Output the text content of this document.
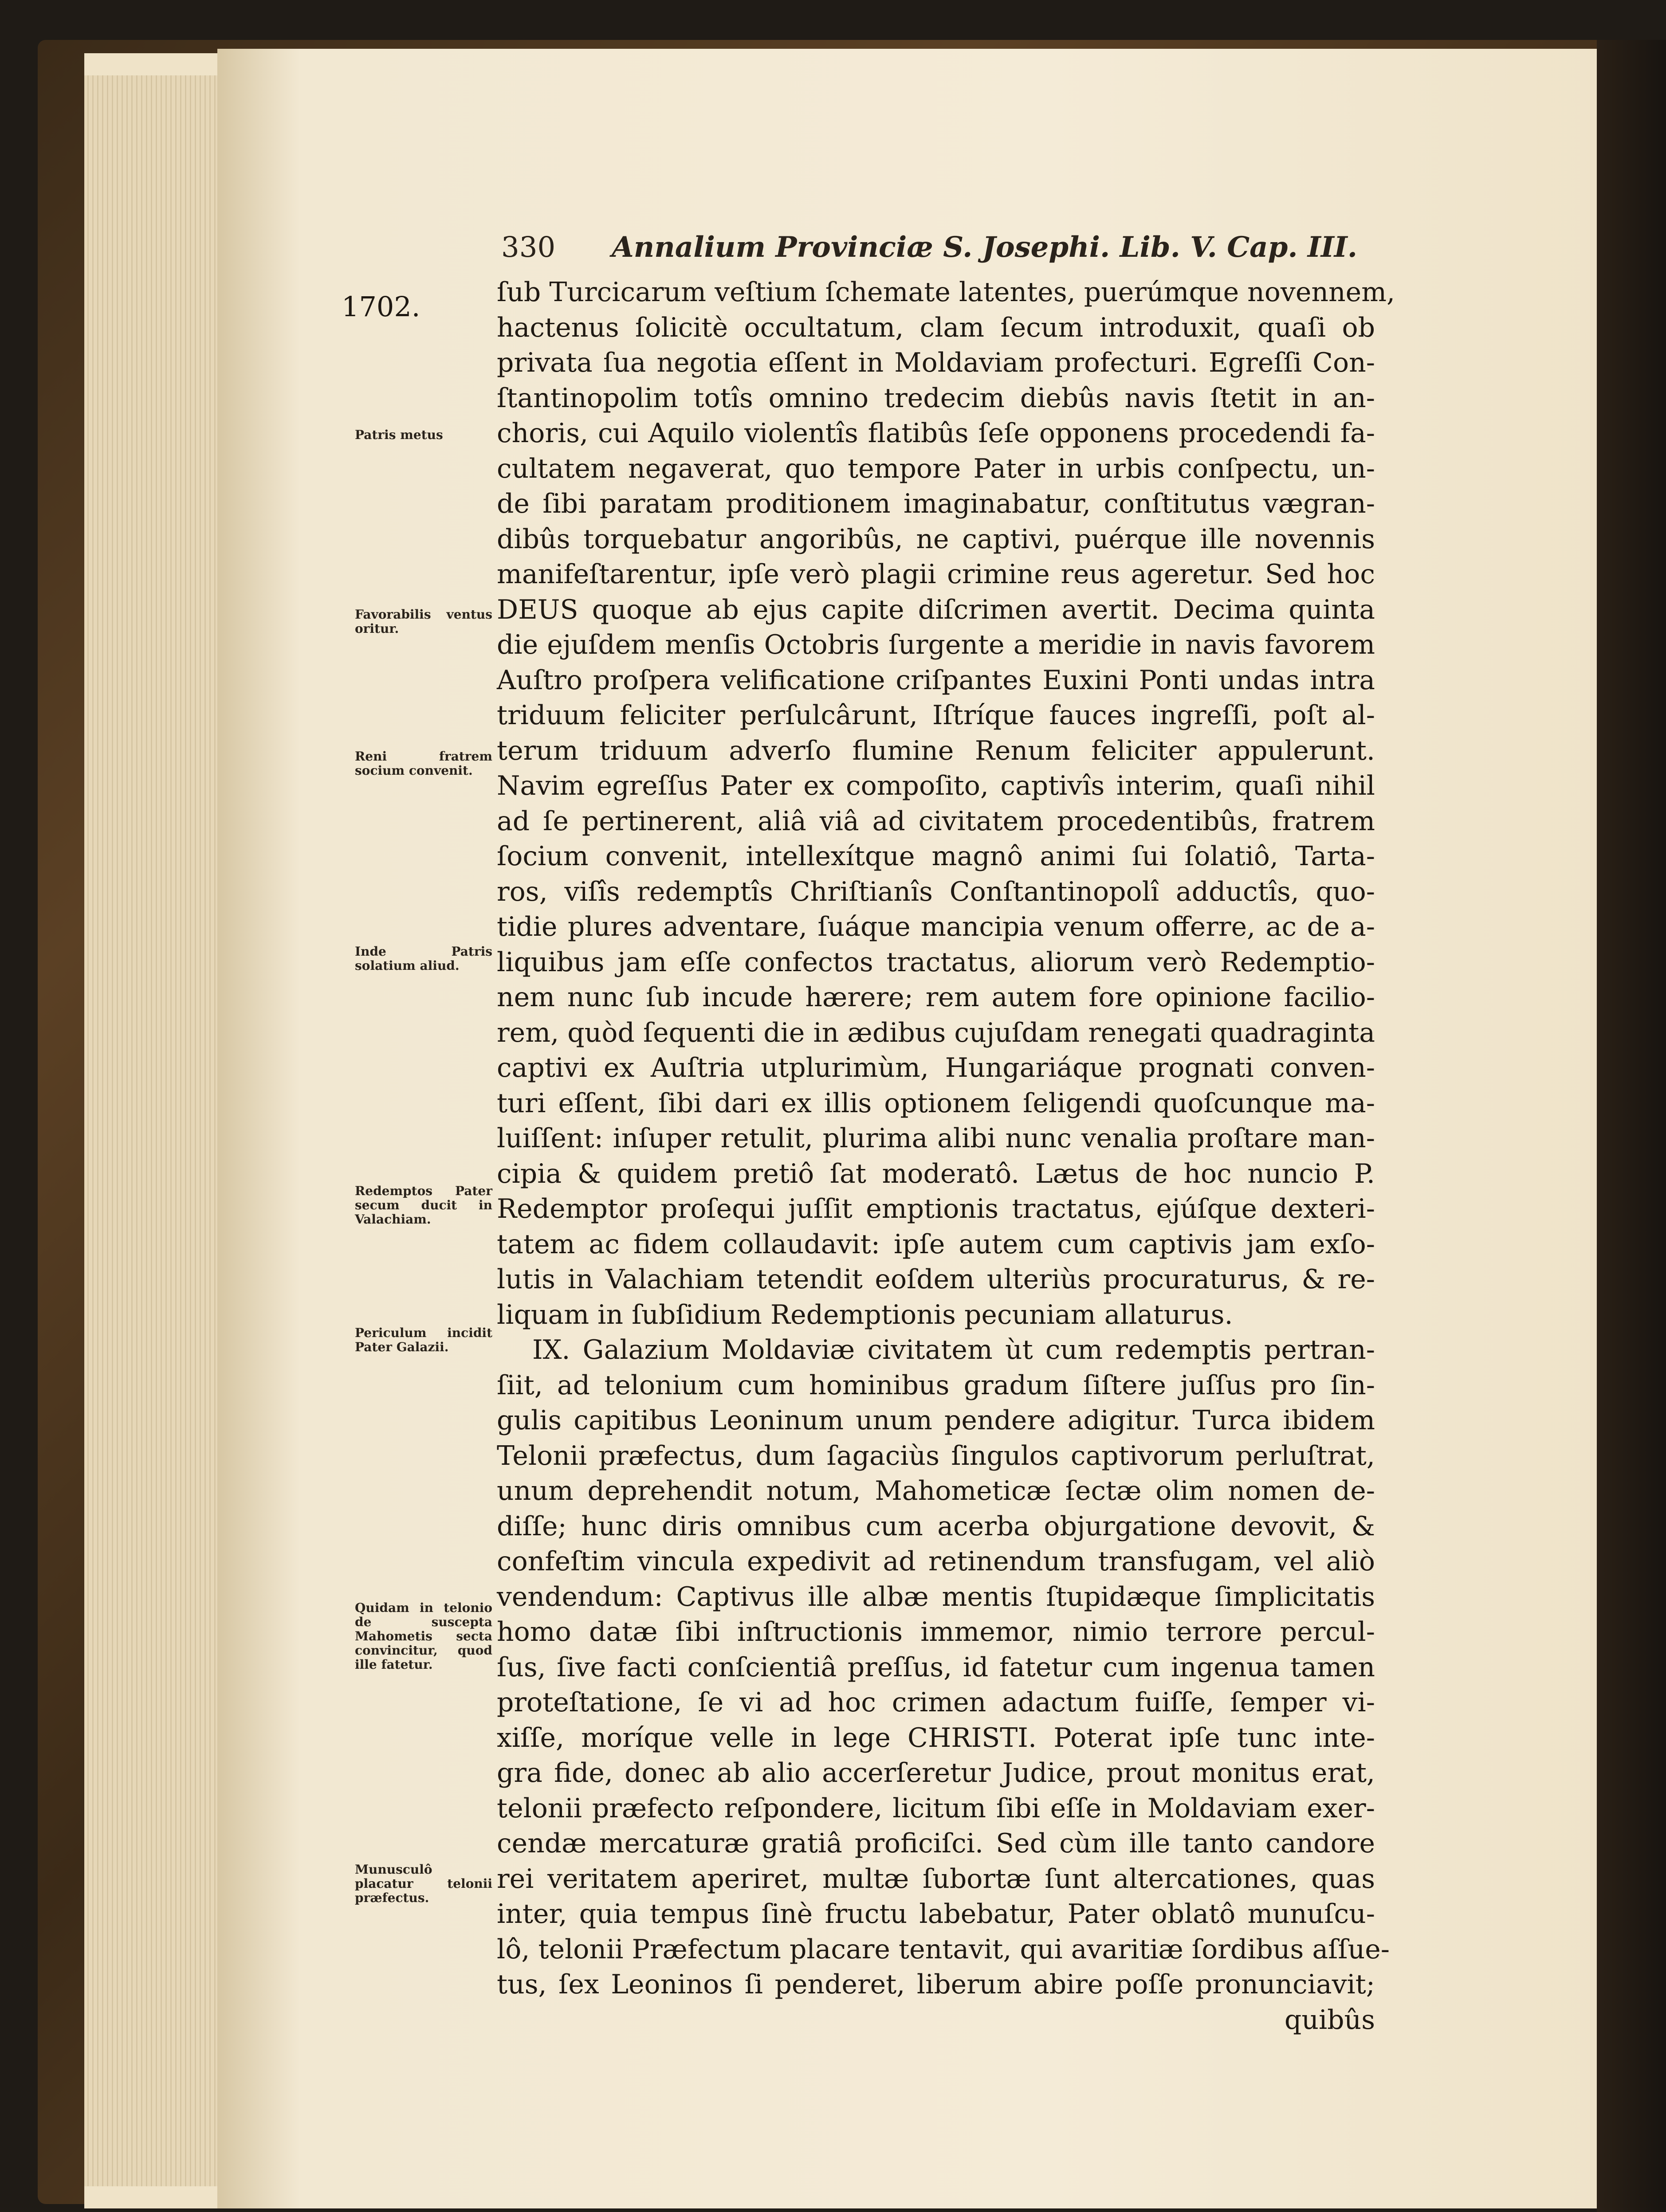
330 Annalium Provinciæ S. Josephi. Lib. V. Cap. III.
1702.
Patris metus
Favorabilis ventus oritur.
Reni fratrem socium convenit.
Inde Patris solatium aliud.
Redemptos Pater secum ducit in Valachiam.
Periculum incidit Pater Galazii.
Quidam in telonio de suscepta Mahometis secta convincitur, quod ille fatetur.
Munusculô placatur telonii præfectus.
ſub Turcicarum veſtium ſchemate latentes, puerúmque novennem,
hactenus ſolicitè occultatum, clam ſecum introduxit, quaſi ob
privata ſua negotia eſſent in Moldaviam profecturi. Egreſſi Con-
ſtantinopolim totîs omnino tredecim diebûs navis ſtetit in an-
choris, cui Aquilo violentîs flatibûs ſeſe opponens procedendi fa-
cultatem negaverat, quo tempore Pater in urbis conſpectu, un-
de ſibi paratam proditionem imaginabatur, conſtitutus vægran-
dibûs torquebatur angoribûs, ne captivi, puérque ille novennis
manifeſtarentur, ipſe verò plagii crimine reus ageretur. Sed hoc
DEUS quoque ab ejus capite diſcrimen avertit. Decima quinta
die ejuſdem menſis Octobris ſurgente a meridie in navis favorem
Auſtro proſpera velificatione criſpantes Euxini Ponti undas intra
triduum feliciter perſulcârunt, Iſtríque fauces ingreſſi, poſt al-
terum triduum adverſo flumine Renum feliciter appulerunt.
Navim egreſſus Pater ex compoſito, captivîs interim, quaſi nihil
ad ſe pertinerent, aliâ viâ ad civitatem procedentibûs, fratrem
ſocium convenit, intellexítque magnô animi ſui ſolatiô, Tarta-
ros, viſîs redemptîs Chriſtianîs Conſtantinopolî adductîs, quo-
tidie plures adventare, ſuáque mancipia venum offerre, ac de a-
liquibus jam eſſe confectos tractatus, aliorum verò Redemptio-
nem nunc ſub incude hærere; rem autem fore opinione facilio-
rem, quòd ſequenti die in ædibus cujuſdam renegati quadraginta
captivi ex Auſtria utplurimùm, Hungariáque prognati conven-
turi eſſent, ſibi dari ex illis optionem ſeligendi quoſcunque ma-
luiſſent: inſuper retulit, plurima alibi nunc venalia proſtare man-
cipia & quidem pretiô ſat moderatô. Lætus de hoc nuncio P.
Redemptor proſequi juſſit emptionis tractatus, ejúſque dexteri-
tatem ac fidem collaudavit: ipſe autem cum captivis jam exſo-
lutis in Valachiam tetendit eoſdem ulteriùs procuraturus, & re-
liquam in ſubſidium Redemptionis pecuniam allaturus.
IX. Galazium Moldaviæ civitatem ùt cum redemptis pertran-
ſiit, ad telonium cum hominibus gradum ſiſtere juſſus pro ſin-
gulis capitibus Leoninum unum pendere adigitur. Turca ibidem
Telonii præfectus, dum ſagaciùs ſingulos captivorum perluſtrat,
unum deprehendit notum, Mahometicæ ſectæ olim nomen de-
diſſe; hunc diris omnibus cum acerba objurgatione devovit, &
confeſtim vincula expedivit ad retinendum transfugam, vel aliò
vendendum: Captivus ille albæ mentis ſtupidæque ſimplicitatis
homo datæ ſibi inſtructionis immemor, nimio terrore percul-
ſus, ſive facti conſcientiâ preſſus, id fatetur cum ingenua tamen
proteſtatione, ſe vi ad hoc crimen adactum fuiſſe, ſemper vi-
xiſſe, moríque velle in lege CHRISTI. Poterat ipſe tunc inte-
gra fide, donec ab alio accerſeretur Judice, prout monitus erat,
telonii præfecto reſpondere, licitum ſibi eſſe in Moldaviam exer-
cendæ mercaturæ gratiâ proficiſci. Sed cùm ille tanto candore
rei veritatem aperiret, multæ ſubortæ ſunt altercationes, quas
inter, quia tempus ſinè fructu labebatur, Pater oblatô munuſcu-
lô, telonii Præfectum placare tentavit, qui avaritiæ ſordibus aſſue-
tus, ſex Leoninos ſi penderet, liberum abire poſſe pronunciavit;
quibûs
